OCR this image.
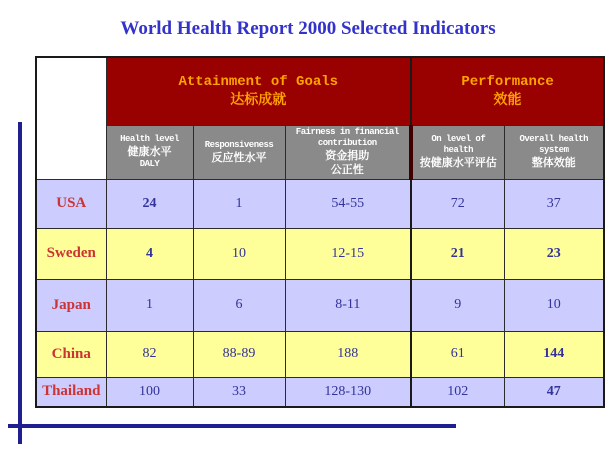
World Health Report 2000 Selected Indicators

Attainment of Goals
达标成就

Performance
效能

Health level
健康水平
DALY

Responsiveness
反应性水平

Fairness in financial
contribution
资金捐助
公正性

On level of
health
按健康水平评估

Overall health
system
整体效能

USA	24	1	54-55	72	37
Sweden	4	10	12-15	21	23
Japan	1	6	8-11	9	10
China	82	88-89	188	61	144
Thailand	100	33	128-130	102	47
